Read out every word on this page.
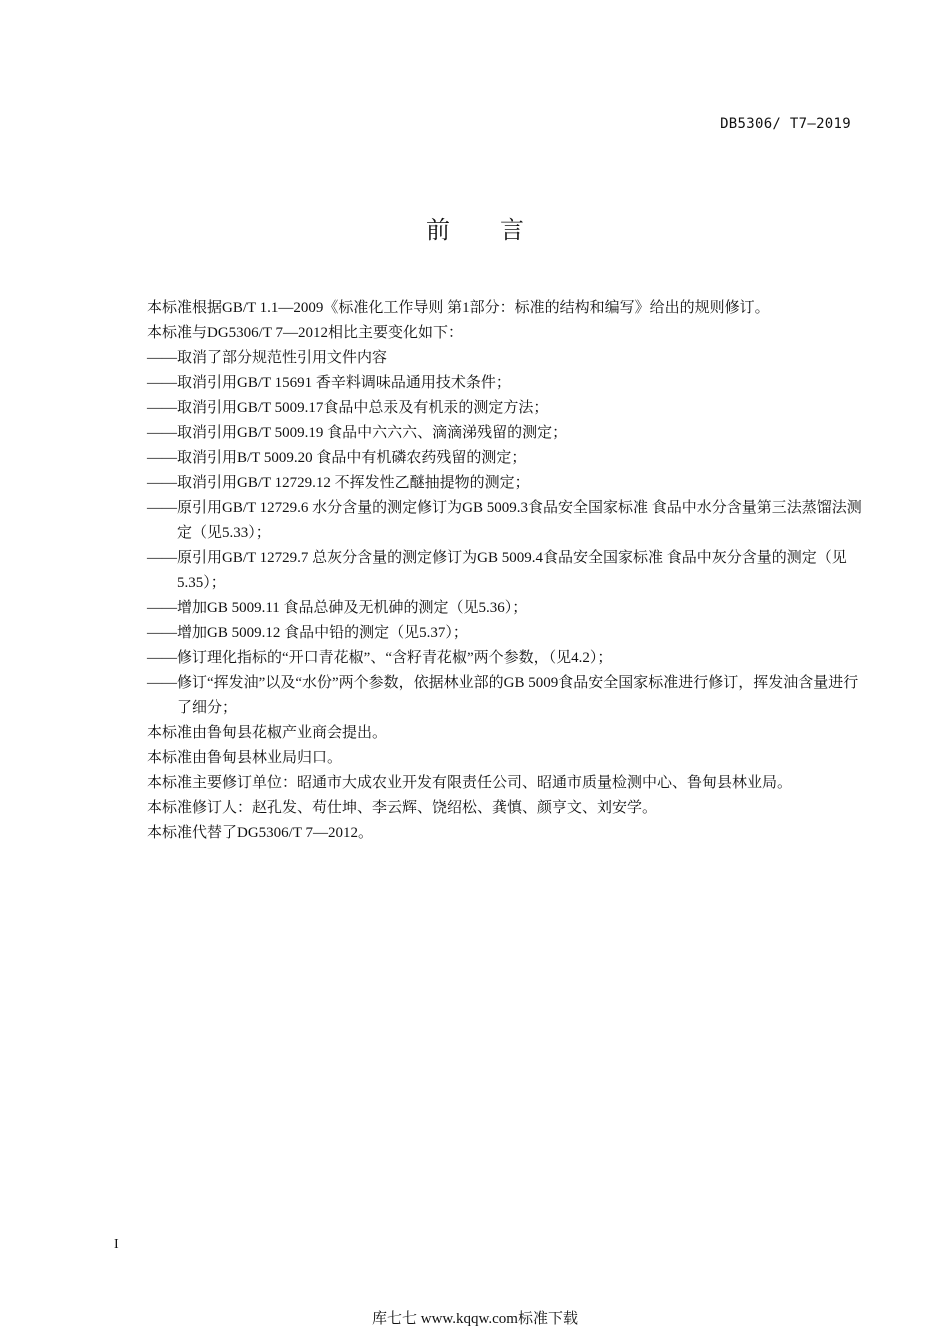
DB5306/ T7—2019
前言
本标准根据GB/T 1.1—2009《标准化工作导则 第1部分：标准的结构和编写》给出的规则修订。
本标准与DG5306/T 7—2012相比主要变化如下：
—— 取消了部分规范性引用文件内容
—— 取消引用GB/T 15691 香辛料调味品通用技术条件；
—— 取消引用GB/T 5009.17食品中总汞及有机汞的测定方法；
—— 取消引用GB/T 5009.19 食品中六六六、滴滴涕残留的测定；
—— 取消引用B/T 5009.20 食品中有机磷农药残留的测定；
—— 取消引用GB/T 12729.12 不挥发性乙醚抽提物的测定；
—— 原引用GB/T 12729.6 水分含量的测定修订为GB 5009.3食品安全国家标准 食品中水分含量第三法蒸馏法测定（见5.33）；
—— 原引用GB/T 12729.7 总灰分含量的测定修订为GB 5009.4食品安全国家标准 食品中灰分含量的测定（见5.35）；
—— 增加GB 5009.11 食品总砷及无机砷的测定（见5.36）；
—— 增加GB 5009.12 食品中铅的测定（见5.37）；
—— 修订理化指标的“开口青花椒”、“含籽青花椒”两个参数，（见4.2）；
—— 修订“挥发油”以及“水份”两个参数，依据林业部的GB 5009食品安全国家标准进行修订，挥发油含量进行了细分；
本标准由鲁甸县花椒产业商会提出。
本标准由鲁甸县林业局归口。
本标准主要修订单位：昭通市大成农业开发有限责任公司、昭通市质量检测中心、鲁甸县林业局。
本标准修订人：赵孔发、苟仕坤、李云辉、饶绍松、龚慎、颜亨文、刘安学。
本标准代替了DG5306/T 7—2012。
I
库七七 www.kqqw.com标准下载
